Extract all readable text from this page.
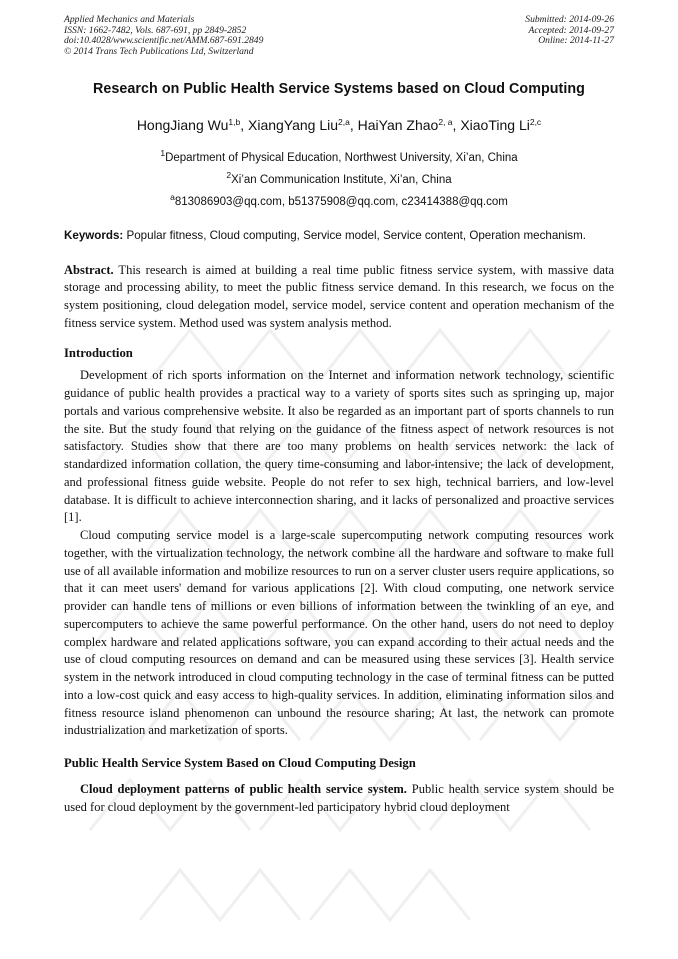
Applied Mechanics and Materials
ISSN: 1662-7482, Vols. 687-691, pp 2849-2852
doi:10.4028/www.scientific.net/AMM.687-691.2849
© 2014 Trans Tech Publications Ltd, Switzerland
Submitted: 2014-09-26
Accepted: 2014-09-27
Online: 2014-11-27
Research on Public Health Service Systems based on Cloud Computing
HongJiang Wu$^{1,b}$, XiangYang Liu$^{2,a}$, HaiYan Zhao$^{2, a}$, XiaoTing Li$^{2,c}$
$^1$Department of Physical Education, Northwest University, Xi’an, China
$^2$Xi’an Communication Institute, Xi’an, China
$^a$813086903@qq.com, b51375908@qq.com, c23414388@qq.com
Keywords: Popular fitness, Cloud computing, Service model, Service content, Operation mechanism.
Abstract. This research is aimed at building a real time public fitness service system, with massive data storage and processing ability, to meet the public fitness service demand. In this research, we focus on the system positioning, cloud delegation model, service model, service content and operation mechanism of the fitness service system. Method used was system analysis method.
Introduction

Development of rich sports information on the Internet and information network technology, scientific guidance of public health provides a practical way to a variety of sports sites such as springing up, major portals and various comprehensive website. It also be regarded as an important part of sports channels to run the site. But the study found that relying on the guidance of the fitness aspect of network resources is not satisfactory. Studies show that there are too many problems on health services network: the lack of standardized information collation, the query time-consuming and labor-intensive; the lack of development, and professional fitness guide website. People do not refer to sex high, technical barriers, and low-level database. It is difficult to achieve interconnection sharing, and it lacks of personalized and proactive services [1].

Cloud computing service model is a large-scale supercomputing network computing resources work together, with the virtualization technology, the network combine all the hardware and software to make full use of all available information and mobilize resources to run on a server cluster users require applications, so that it can meet users' demand for various applications [2]. With cloud computing, one network service provider can handle tens of millions or even billions of information between the twinkling of an eye, and supercomputers to achieve the same powerful performance. On the other hand, users do not need to deploy complex hardware and related applications software, you can expand according to their actual needs and the use of cloud computing resources on demand and can be measured using these services [3]. Health service system in the network introduced in cloud computing technology in the case of terminal fitness can be putted into a low-cost quick and easy access to high-quality services. In addition, eliminating information silos and fitness resource island phenomenon can unbound the resource sharing; At last, the network can promote industrialization and marketization of sports.

Public Health Service System Based on Cloud Computing Design

Cloud deployment patterns of public health service system. Public health service system should be used for cloud deployment by the government-led participatory hybrid cloud deployment
